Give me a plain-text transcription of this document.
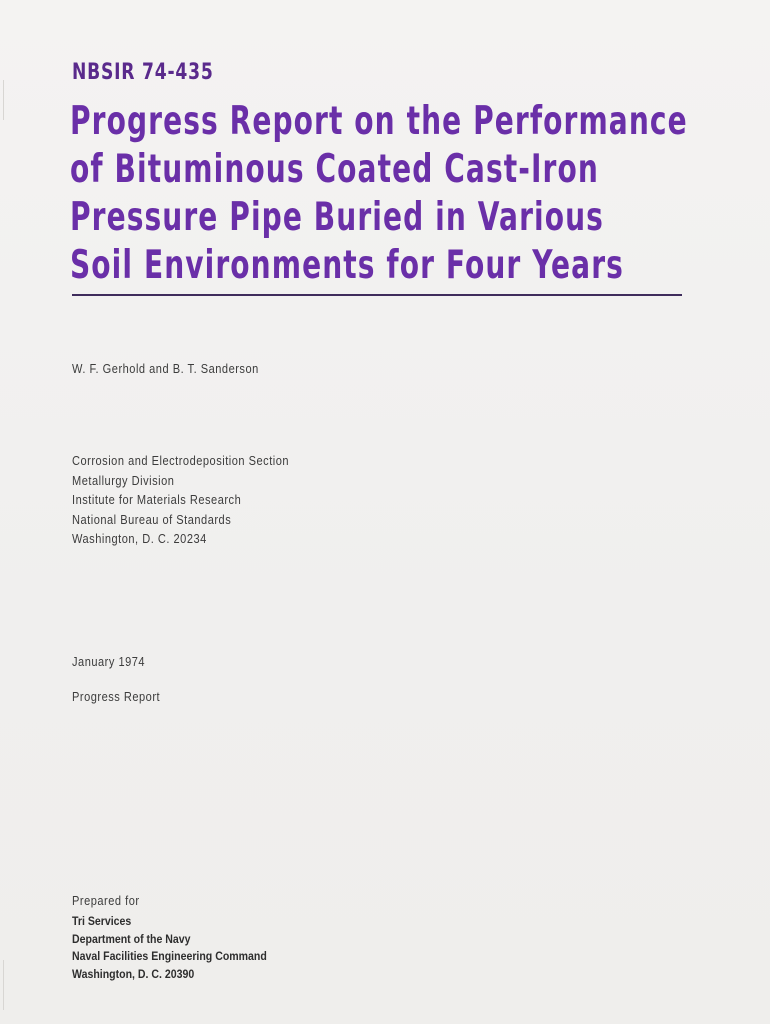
NBSIR 74-435
Progress Report on the Performance
of Bituminous Coated Cast-Iron
Pressure Pipe Buried in Various
Soil Environments for Four Years
W. F. Gerhold and B. T. Sanderson
Corrosion and Electrodeposition Section
Metallurgy Division
Institute for Materials Research
National Bureau of Standards
Washington, D. C. 20234
January 1974
Progress Report
Prepared for
Tri Services
Department of the Navy
Naval Facilities Engineering Command
Washington, D. C. 20390
